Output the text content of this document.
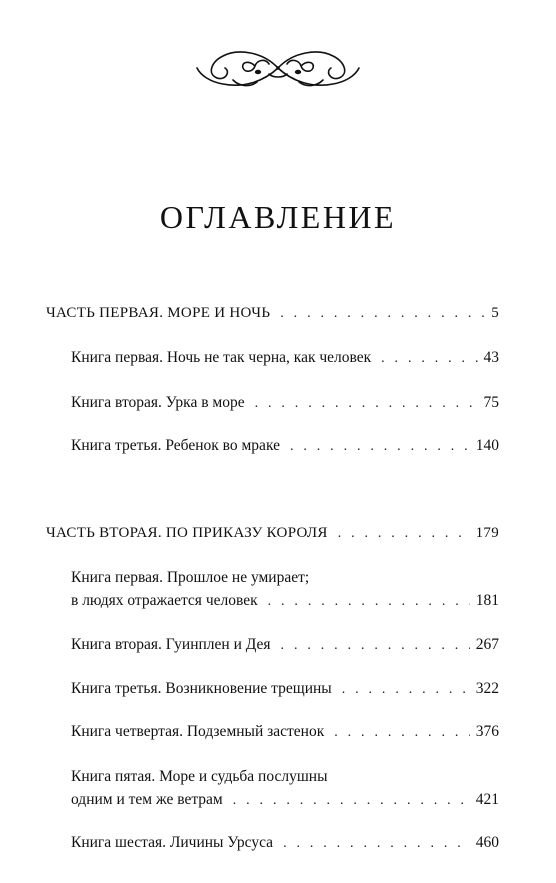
ОГЛАВЛЕНИЕ
ЧАСТЬ ПЕРВАЯ. МОРЕ И НОЧЬ . . .	5
Книга первая. Ночь не так черна, как человек . . .	43
Книга вторая. Урка в море . . .	75
Книга третья. Ребенок во мраке . . .	140
ЧАСТЬ ВТОРАЯ. ПО ПРИКАЗУ КОРОЛЯ . . .	179
Книга первая. Прошлое не умирает;
в людях отражается человек . . .	181
Книга вторая. Гуинплен и Дея . . .	267
Книга третья. Возникновение трещины . . .	322
Книга четвертая. Подземный застенок . . .	376
Книга пятая. Море и судьба послушны
одним и тем же ветрам . . .	421
Книга шестая. Личины Урсуса . . .	460
